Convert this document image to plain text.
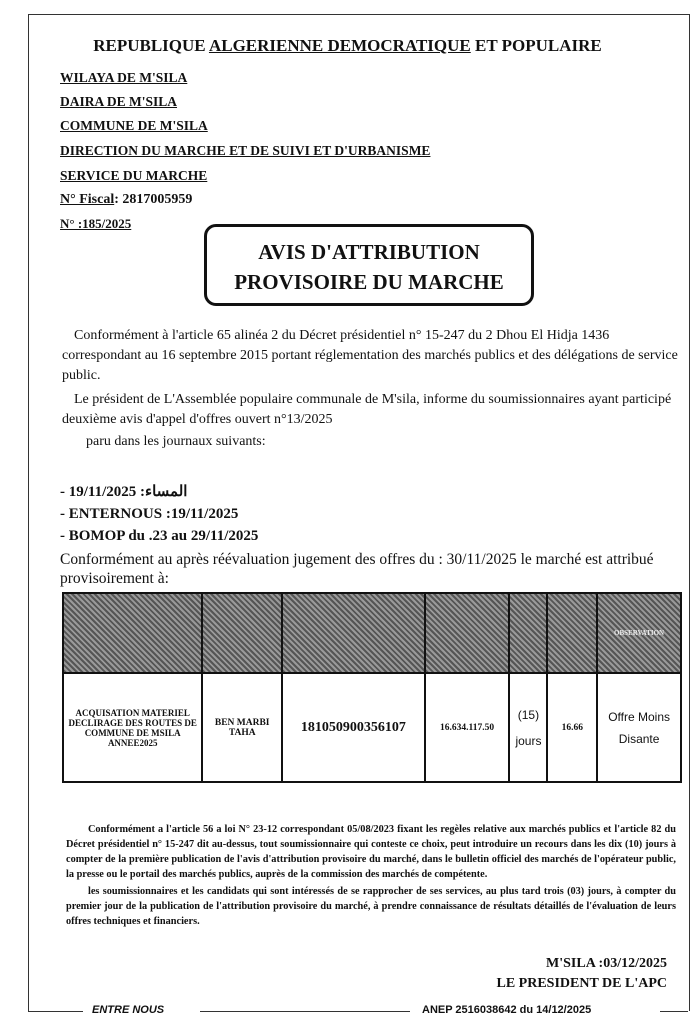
REPUBLIQUE ALGERIENNE DEMOCRATIQUE ET POPULAIRE
WILAYA DE M'SILA
DAIRA DE M'SILA
COMMUNE DE M'SILA
DIRECTION DU MARCHE ET DE SUIVI ET D'URBANISME
SERVICE DU MARCHE
N° Fiscal: 2817005959
N° :185/2025
AVIS D'ATTRIBUTION
PROVISOIRE DU MARCHE
Conformément à l'article 65 alinéa 2 du Décret présidentiel n° 15-247 du 2 Dhou El Hidja 1436 correspondant au 16 septembre 2015 portant réglementation des marchés publics et des délégations de service public.
Le président de L'Assemblée populaire communale de M'sila, informe du soumissionnaires ayant participé deuxième avis d'appel d'offres ouvert n°13/2025
paru dans les journaux suivants:
- المساء: 19/11/2025
- ENTERNOUS :19/11/2025
- BOMOP du .23 au 29/11/2025
Conformément au après réévaluation jugement des offres du : 30/11/2025 le marché est attribué provisoirement à:
						OBSERVATION
ACQUISATION MATERIEL DECLIRAGE DES ROUTES DE COMMUNE DE MSILA ANNEE2025	BEN MARBI TAHA	181050900356107	16.634.117.50	(15) jours	16.66	Offre Moins Disante
Conformément a l'article 56 a loi N° 23-12 correspondant 05/08/2023 fixant les regèles relative aux marchés publics et l'article 82 du Décret présidentiel n° 15-247 dit au-dessus, tout soumissionnaire qui conteste ce choix, peut introduire un recours dans les dix (10) jours à compter de la première publication de l'avis d'attribution provisoire du marché, dans le bulletin officiel des marchés de l'opérateur public, la presse ou le portail des marchés publics, auprès de la commission des marchés de compétente.
les soumissionnaires et les candidats qui sont intéressés de se rapprocher de ses services, au plus tard trois (03) jours, à compter du premier jour de la publication de l'attribution provisoire du marché, à prendre connaissance de résultats détaillés de l'évaluation de leurs offres techniques et financiers.
M'SILA :03/12/2025
LE PRESIDENT DE L'APC
ENTRE NOUS	ANEP 2516038642 du 14/12/2025
